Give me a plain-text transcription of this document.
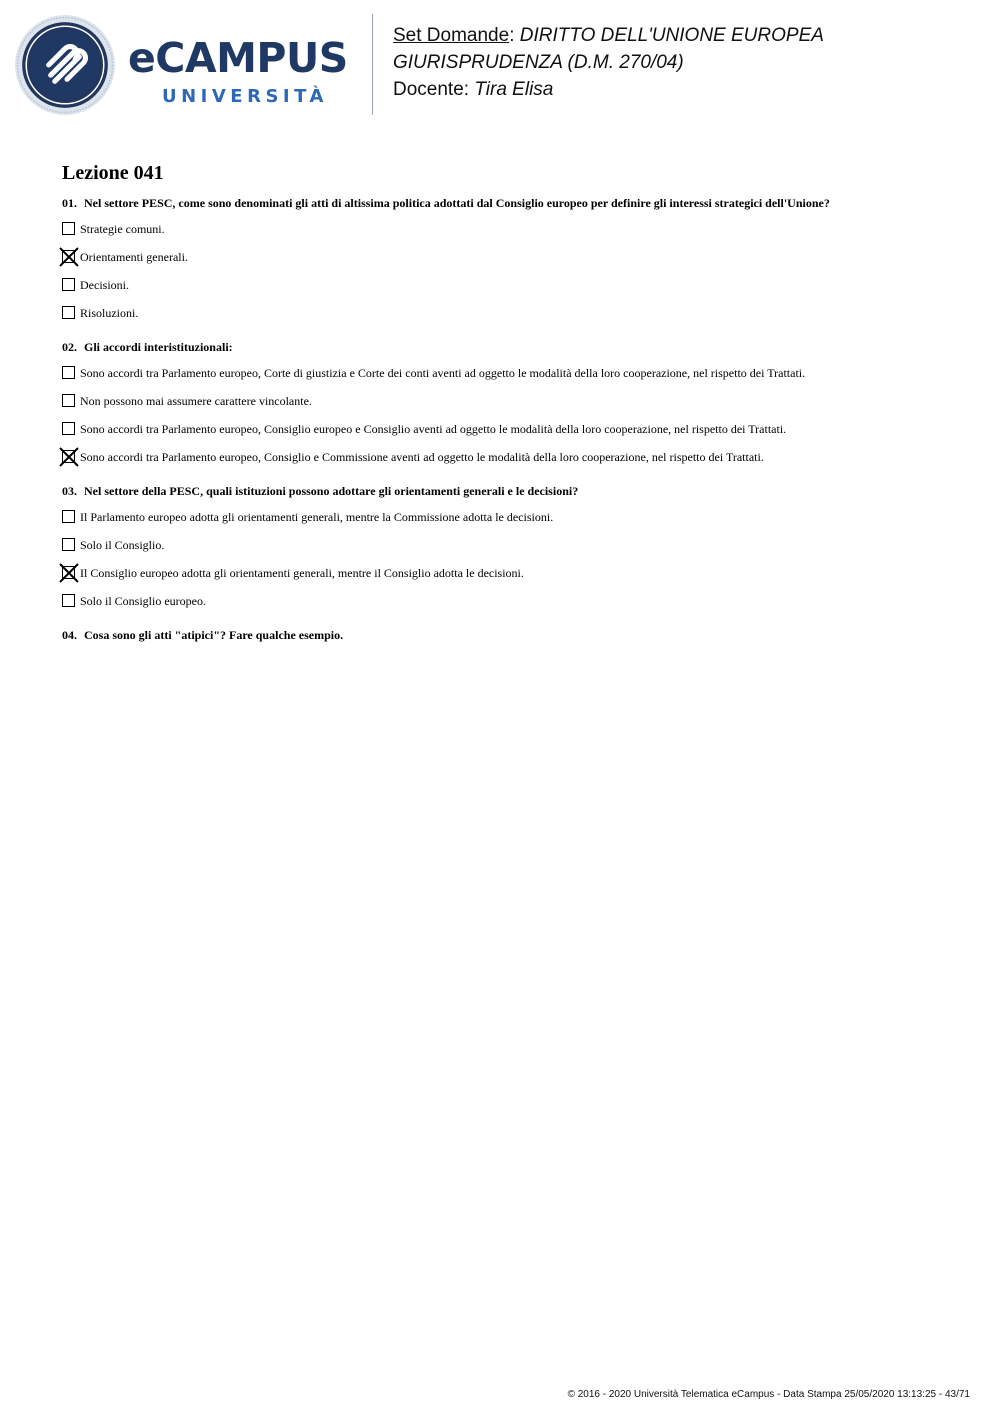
eCAMPUS
UNIVERSITÀ
Set Domande: DIRITTO DELL'UNIONE EUROPEA
GIURISPRUDENZA (D.M. 270/04)
Docente: Tira Elisa
Lezione 041
01. Nel settore PESC, come sono denominati gli atti di altissima politica adottati dal Consiglio europeo per definire gli interessi strategici dell'Unione?
Strategie comuni.
Orientamenti generali.
Decisioni.
Risoluzioni.
02. Gli accordi interistituzionali:
Sono accordi tra Parlamento europeo, Corte di giustizia e Corte dei conti aventi ad oggetto le modalità della loro cooperazione, nel rispetto dei Trattati.
Non possono mai assumere carattere vincolante.
Sono accordi tra Parlamento europeo, Consiglio europeo e Consiglio aventi ad oggetto le modalità della loro cooperazione, nel rispetto dei Trattati.
Sono accordi tra Parlamento europeo, Consiglio e Commissione aventi ad oggetto le modalità della loro cooperazione, nel rispetto dei Trattati.
03. Nel settore della PESC, quali istituzioni possono adottare gli orientamenti generali e le decisioni?
Il Parlamento europeo adotta gli orientamenti generali, mentre la Commissione adotta le decisioni.
Solo il Consiglio.
Il Consiglio europeo adotta gli orientamenti generali, mentre il Consiglio adotta le decisioni.
Solo il Consiglio europeo.
04. Cosa sono gli atti "atipici"? Fare qualche esempio.
© 2016 - 2020 Università Telematica eCampus - Data Stampa 25/05/2020 13:13:25 - 43/71
